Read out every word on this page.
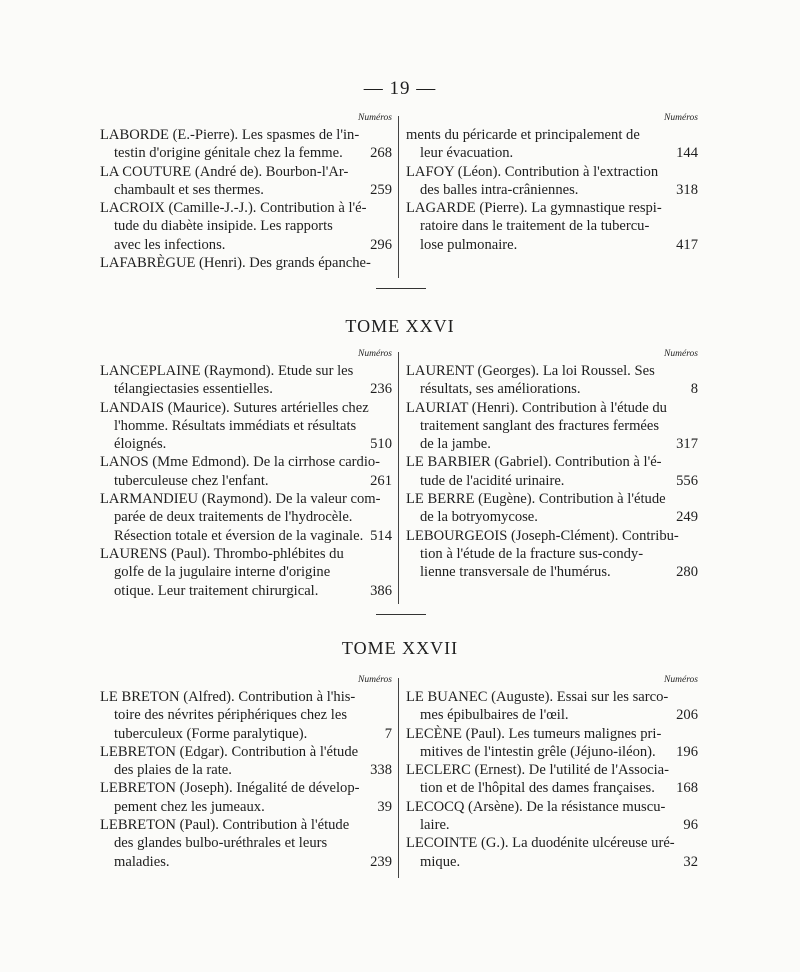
— 19 —
Numéros
LABORDE (E.-Pierre). Les spasmes de l'in-
testin d'origine génitale chez la femme.	268
LA COUTURE (André de). Bourbon-l'Ar-
chambault et ses thermes.	259
LACROIX (Camille-J.-J.). Contribution à l'é-
tude du diabète insipide. Les rapports
avec les infections.	296
LAFABRÈGUE (Henri). Des grands épanche-
Numéros
ments du péricarde et principalement de
leur évacuation.	144
LAFOY (Léon). Contribution à l'extraction
des balles intra-crâniennes.	318
LAGARDE (Pierre). La gymnastique respi-
ratoire dans le traitement de la tubercu-
lose pulmonaire.	417
TOME XXVI
Numéros
LANCEPLAINE (Raymond). Etude sur les
télangiectasies essentielles.	236
LANDAIS (Maurice). Sutures artérielles chez
l'homme. Résultats immédiats et résultats
éloignés.	510
LANOS (Mme Edmond). De la cirrhose cardio-
tuberculeuse chez l'enfant.	261
LARMANDIEU (Raymond). De la valeur com-
parée de deux traitements de l'hydrocèle.
Résection totale et éversion de la vaginale. 514
LAURENS (Paul). Thrombo-phlébites du
golfe de la jugulaire interne d'origine
otique. Leur traitement chirurgical.	386
Numéros
LAURENT (Georges). La loi Roussel. Ses
résultats, ses améliorations.	8
LAURIAT (Henri). Contribution à l'étude du
traitement sanglant des fractures fermées
de la jambe.	317
LE BARBIER (Gabriel). Contribution à l'é-
tude de l'acidité urinaire.	556
LE BERRE (Eugène). Contribution à l'étude
de la botryomycose.	249
LEBOURGEOIS (Joseph-Clément). Contribu-
tion à l'étude de la fracture sus-condy-
lienne transversale de l'humérus.	280
TOME XXVII
Numéros
LE BRETON (Alfred). Contribution à l'his-
toire des névrites périphériques chez les
tuberculeux (Forme paralytique).	7
LEBRETON (Edgar). Contribution à l'étude
des plaies de la rate.	338
LEBRETON (Joseph). Inégalité de dévelop-
pement chez les jumeaux.	39
LEBRETON (Paul). Contribution à l'étude
des glandes bulbo-uréthrales et leurs
maladies.	239
Numéros
LE BUANEC (Auguste). Essai sur les sarco-
mes épibulbaires de l'œil.	206
LECÈNE (Paul). Les tumeurs malignes pri-
mitives de l'intestin grêle (Jéjuno-iléon).	196
LECLERC (Ernest). De l'utilité de l'Associa-
tion et de l'hôpital des dames françaises.	168
LECOCQ (Arsène). De la résistance muscu-
laire.	96
LECOINTE (G.). La duodénite ulcéreuse uré-
mique.	32
